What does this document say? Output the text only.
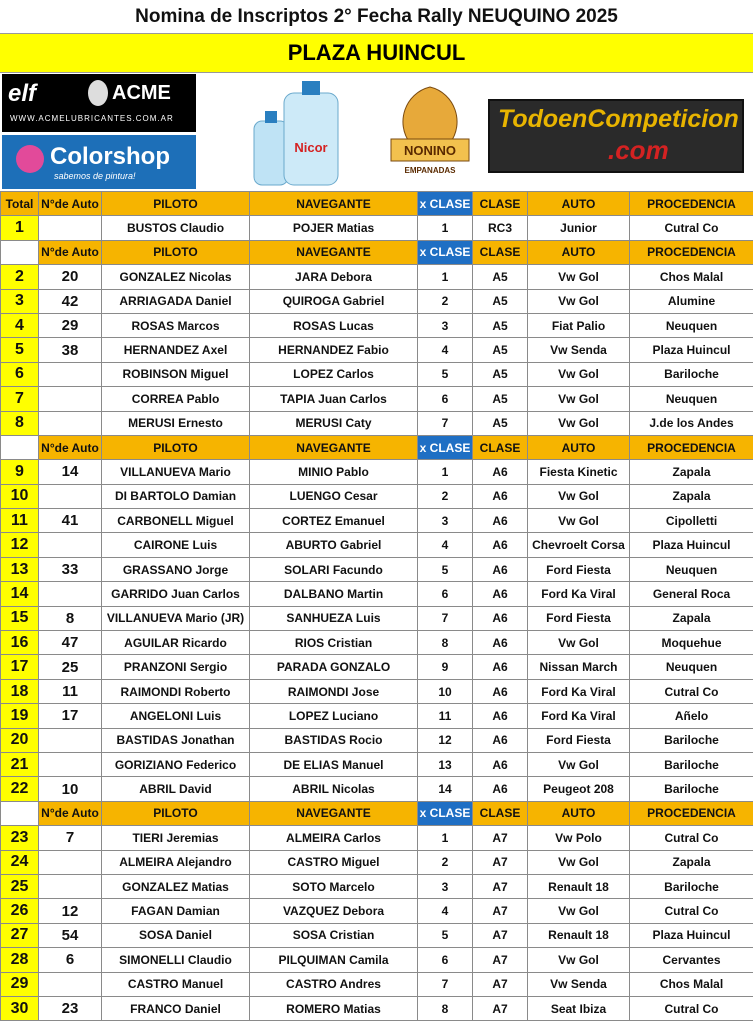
Nomina de Inscriptos 2° Fecha Rally NEUQUINO 2025
PLAZA HUINCUL
elf	ACME
WWW.ACMELUBRICANTES.COM.AR
Colorshop
sabemos de pintura!
Nicor	NONINO
EMPANADAS
TodoenCompeticion
.com
Total	N°de Auto	PILOTO	NAVEGANTE	x CLASE	CLASE	AUTO	PROCEDENCIA
1		BUSTOS Claudio	POJER Matias	1	RC3	Junior	Cutral Co
	N°de Auto	PILOTO	NAVEGANTE	x CLASE	CLASE	AUTO	PROCEDENCIA
2	20	GONZALEZ Nicolas	JARA Debora	1	A5	Vw Gol	Chos Malal
3	42	ARRIAGADA Daniel	QUIROGA Gabriel	2	A5	Vw Gol	Alumine
4	29	ROSAS Marcos	ROSAS Lucas	3	A5	Fiat Palio	Neuquen
5	38	HERNANDEZ Axel	HERNANDEZ Fabio	4	A5	Vw Senda	Plaza Huincul
6		ROBINSON Miguel	LOPEZ Carlos	5	A5	Vw Gol	Bariloche
7		CORREA Pablo	TAPIA Juan Carlos	6	A5	Vw Gol	Neuquen
8		MERUSI Ernesto	MERUSI Caty	7	A5	Vw Gol	J.de los Andes
	N°de Auto	PILOTO	NAVEGANTE	x CLASE	CLASE	AUTO	PROCEDENCIA
9	14	VILLANUEVA Mario	MINIO Pablo	1	A6	Fiesta Kinetic	Zapala
10		DI BARTOLO Damian	LUENGO Cesar	2	A6	Vw Gol	Zapala
11	41	CARBONELL Miguel	CORTEZ Emanuel	3	A6	Vw Gol	Cipolletti
12		CAIRONE Luis	ABURTO Gabriel	4	A6	Chevroelt Corsa	Plaza Huincul
13	33	GRASSANO Jorge	SOLARI Facundo	5	A6	Ford Fiesta	Neuquen
14		GARRIDO Juan Carlos	DALBANO Martin	6	A6	Ford Ka Viral	General Roca
15	8	VILLANUEVA Mario (JR)	SANHUEZA Luis	7	A6	Ford Fiesta	Zapala
16	47	AGUILAR Ricardo	RIOS Cristian	8	A6	Vw Gol	Moquehue
17	25	PRANZONI Sergio	PARADA GONZALO	9	A6	Nissan March	Neuquen
18	11	RAIMONDI Roberto	RAIMONDI Jose	10	A6	Ford Ka Viral	Cutral Co
19	17	ANGELONI Luis	LOPEZ Luciano	11	A6	Ford Ka Viral	Añelo
20		BASTIDAS Jonathan	BASTIDAS Rocio	12	A6	Ford Fiesta	Bariloche
21		GORIZIANO Federico	DE ELIAS Manuel	13	A6	Vw Gol	Bariloche
22	10	ABRIL David	ABRIL Nicolas	14	A6	Peugeot 208	Bariloche
	N°de Auto	PILOTO	NAVEGANTE	x CLASE	CLASE	AUTO	PROCEDENCIA
23	7	TIERI Jeremias	ALMEIRA Carlos	1	A7	Vw Polo	Cutral Co
24		ALMEIRA Alejandro	CASTRO Miguel	2	A7	Vw Gol	Zapala
25		GONZALEZ Matias	SOTO Marcelo	3	A7	Renault 18	Bariloche
26	12	FAGAN Damian	VAZQUEZ Debora	4	A7	Vw Gol	Cutral Co
27	54	SOSA Daniel	SOSA Cristian	5	A7	Renault 18	Plaza Huincul
28	6	SIMONELLI Claudio	PILQUIMAN Camila	6	A7	Vw Gol	Cervantes
29		CASTRO Manuel	CASTRO Andres	7	A7	Vw Senda	Chos Malal
30	23	FRANCO Daniel	ROMERO Matias	8	A7	Seat Ibiza	Cutral Co
